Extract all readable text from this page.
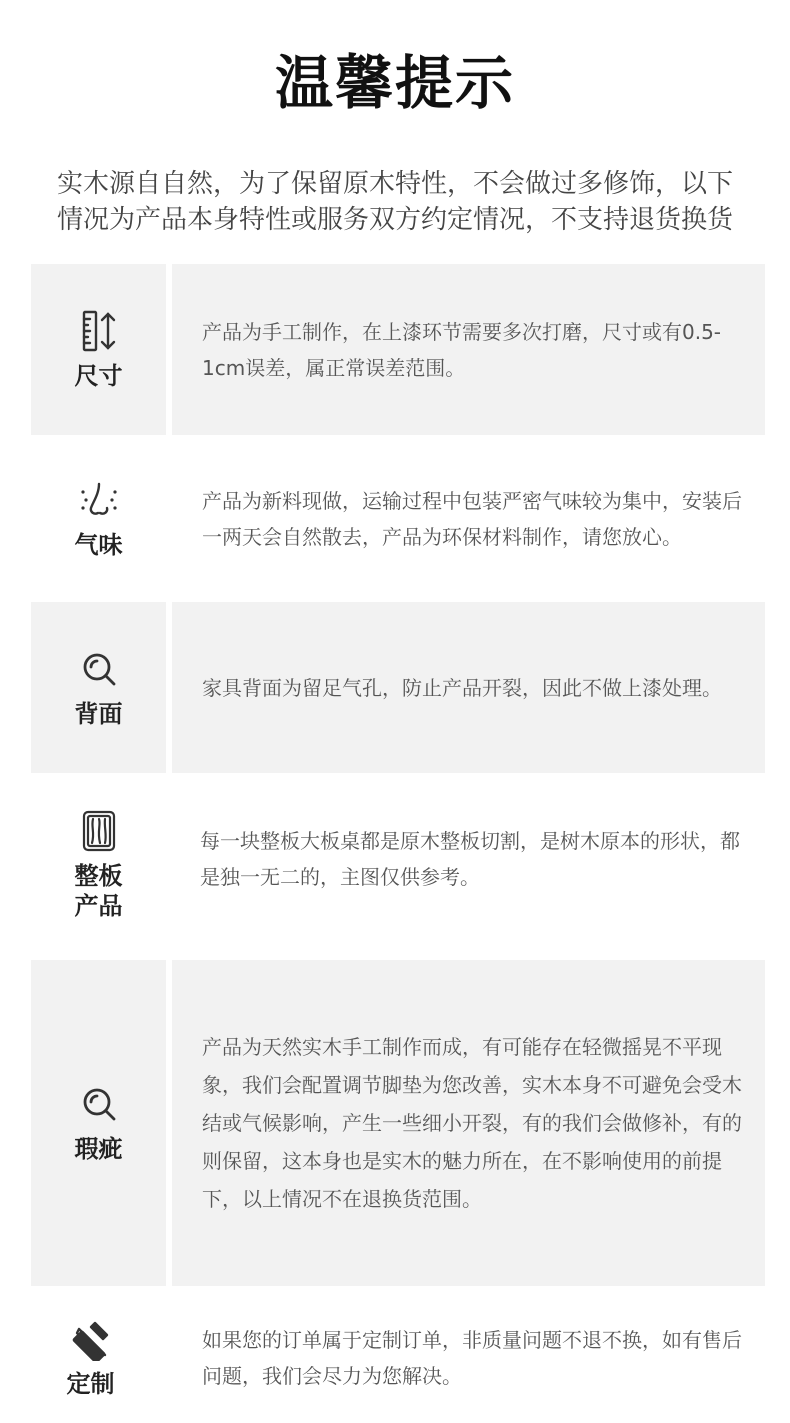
温馨提示
实木源自自然，为了保留原木特性，不会做过多修饰，以下
情况为产品本身特性或服务双方约定情况，不支持退货换货
尺寸
产品为手工制作，在上漆环节需要多次打磨，尺寸或有0.5-1cm误差，属正常误差范围。
气味
产品为新料现做，运输过程中包装严密气味较为集中，安装后一两天会自然散去，产品为环保材料制作，请您放心。
背面
家具背面为留足气孔，防止产品开裂，因此不做上漆处理。
整板
产品
每一块整板大板桌都是原木整板切割，是树木原本的形状，都是独一无二的，主图仅供参考。
瑕疵
产品为天然实木手工制作而成，有可能存在轻微摇晃不平现象，我们会配置调节脚垫为您改善，实木本身不可避免会受木结或气候影响，产生一些细小开裂，有的我们会做修补，有的则保留，这本身也是实木的魅力所在，在不影响使用的前提下，以上情况不在退换货范围。
定制
如果您的订单属于定制订单，非质量问题不退不换，如有售后问题，我们会尽力为您解决。
